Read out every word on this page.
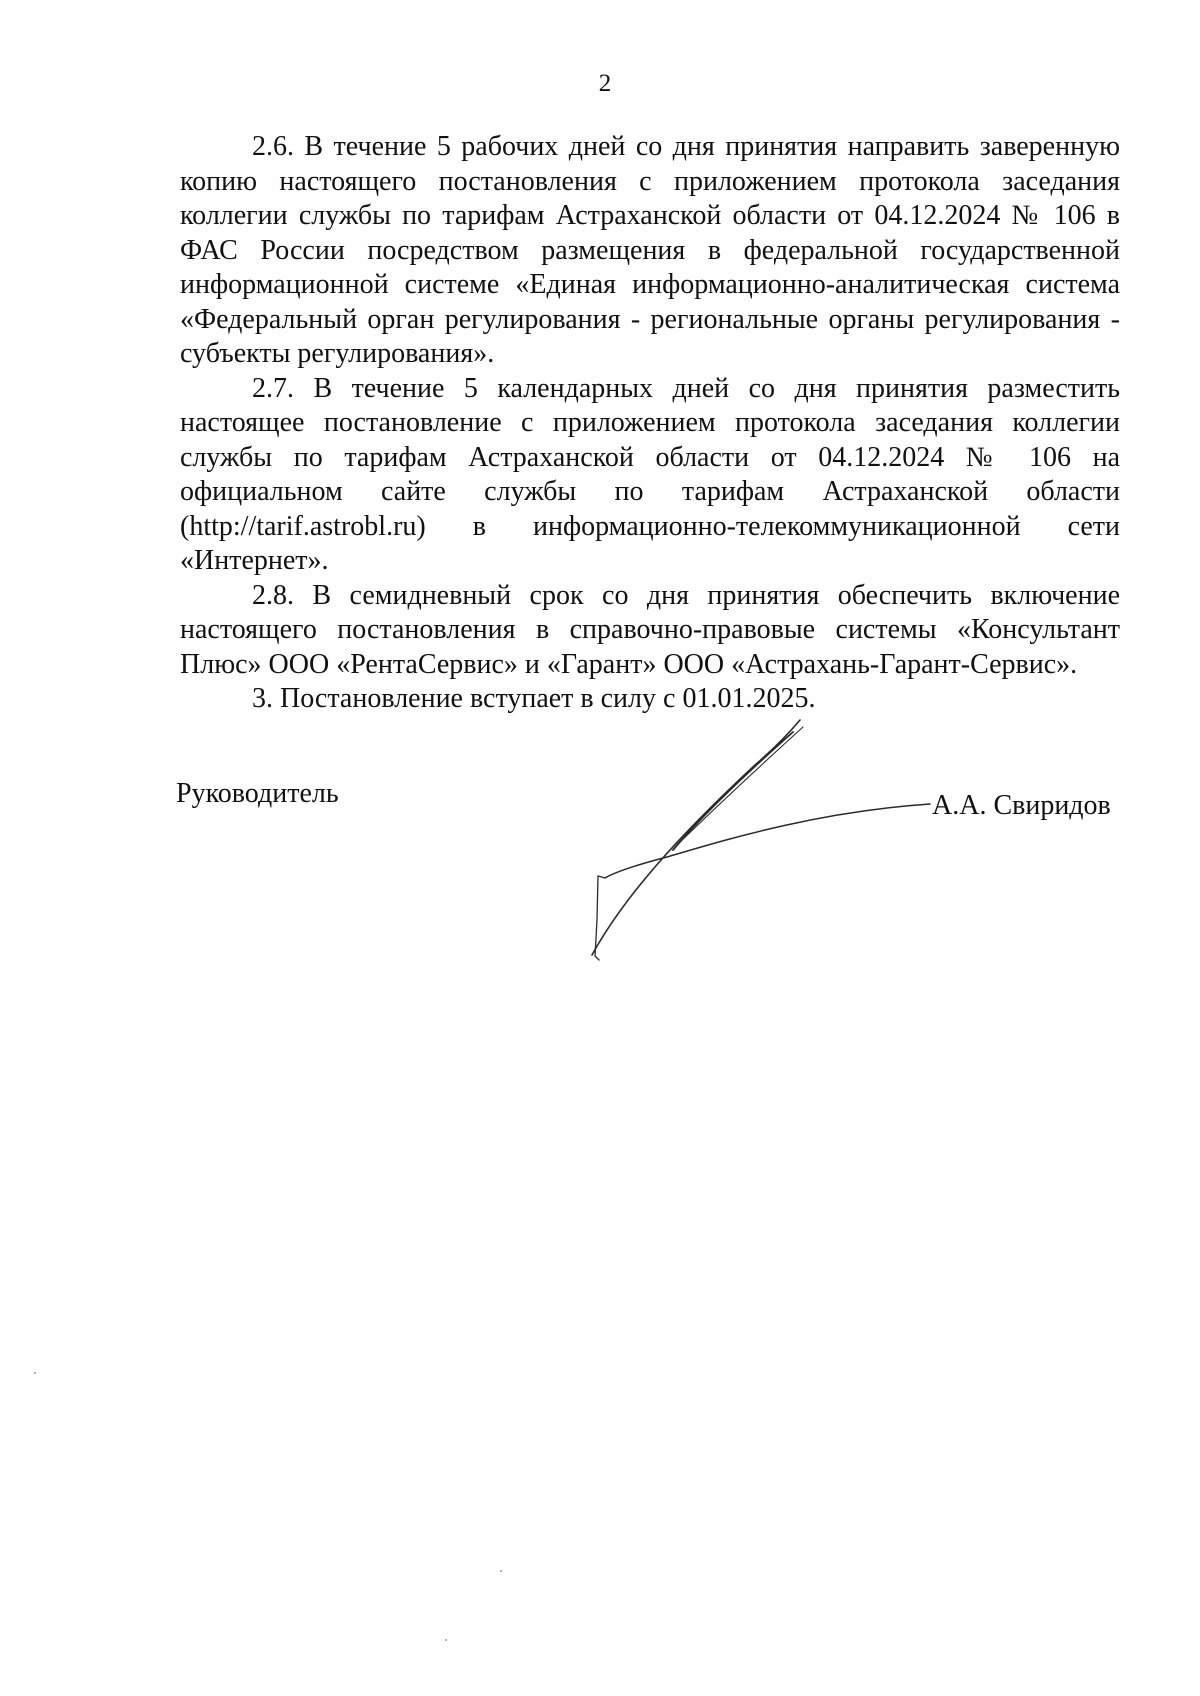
2

2.6. В течение 5 рабочих дней со дня принятия направить заверенную копию настоящего постановления с приложением протокола заседания коллегии службы по тарифам Астраханской области от 04.12.2024 № 106 в ФАС России посредством размещения в федеральной государственной информационной системе «Единая информационно-аналитическая система «Федеральный орган регулирования - региональные органы регулирования - субъекты регулирования».

2.7. В течение 5 календарных дней со дня принятия разместить настоящее постановление с приложением протокола заседания коллегии службы по тарифам Астраханской области от 04.12.2024 № 106 на официальном сайте службы по тарифам Астраханской области (http://tarif.astrobl.ru) в информационно-телекоммуникационной сети «Интернет».

2.8. В семидневный срок со дня принятия обеспечить включение настоящего постановления в справочно-правовые системы «Консультант Плюс» ООО «РентаСервис» и «Гарант» ООО «Астрахань-Гарант-Сервис».

3. Постановление вступает в силу с 01.01.2025.

Руководитель	А.А. Свиридов
